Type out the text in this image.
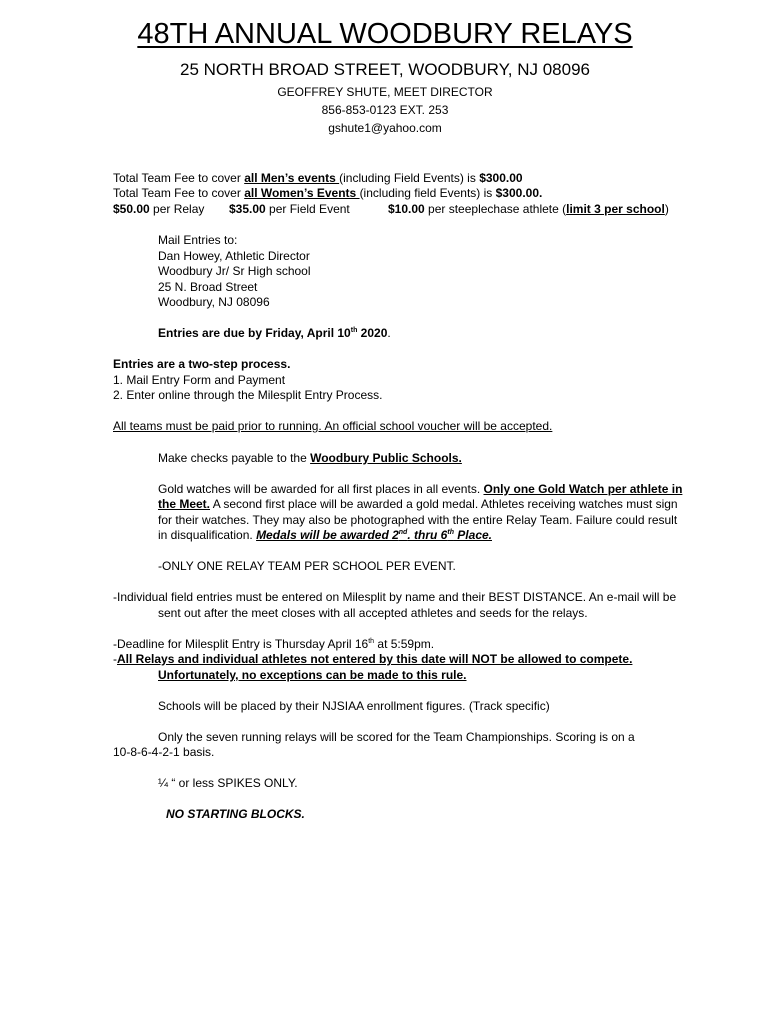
48TH ANNUAL WOODBURY RELAYS
25 NORTH BROAD STREET, WOODBURY, NJ 08096
GEOFFREY SHUTE, MEET DIRECTOR
856-853-0123 EXT. 253
gshute1@yahoo.com
Total Team Fee to cover all Men’s events (including Field Events) is $300.00
Total Team Fee to cover all Women’s Events (including field Events) is $300.00.
$50.00 per Relay $35.00 per Field Event	$10.00 per steeplechase athlete (limit 3 per school)
Mail Entries to:
Dan Howey, Athletic Director
Woodbury Jr/ Sr High school
25 N. Broad Street
Woodbury, NJ 08096
Entries are due by Friday, April 10th 2020.
Entries are a two-step process.
1. Mail Entry Form and Payment
2. Enter online through the Milesplit Entry Process.
All teams must be paid prior to running. An official school voucher will be accepted.
Make checks payable to the Woodbury Public Schools.
Gold watches will be awarded for all first places in all events. Only one Gold Watch per athlete in
the Meet. A second first place will be awarded a gold medal. Athletes receiving watches must sign
for their watches. They may also be photographed with the entire Relay Team. Failure could result
in disqualification. Medals will be awarded 2nd. thru 6th Place.
-ONLY ONE RELAY TEAM PER SCHOOL PER EVENT.
-Individual field entries must be entered on Milesplit by name and their BEST DISTANCE. An e-mail will be
sent out after the meet closes with all accepted athletes and seeds for the relays.
-Deadline for Milesplit Entry is Thursday April 16th at 5:59pm.
-All Relays and individual athletes not entered by this date will NOT be allowed to compete.
Unfortunately, no exceptions can be made to this rule.
Schools will be placed by their NJSIAA enrollment figures. (Track specific)
Only the seven running relays will be scored for the Team Championships. Scoring is on a
10-8-6-4-2-1 basis.
¼ “ or less SPIKES ONLY.
NO STARTING BLOCKS.
